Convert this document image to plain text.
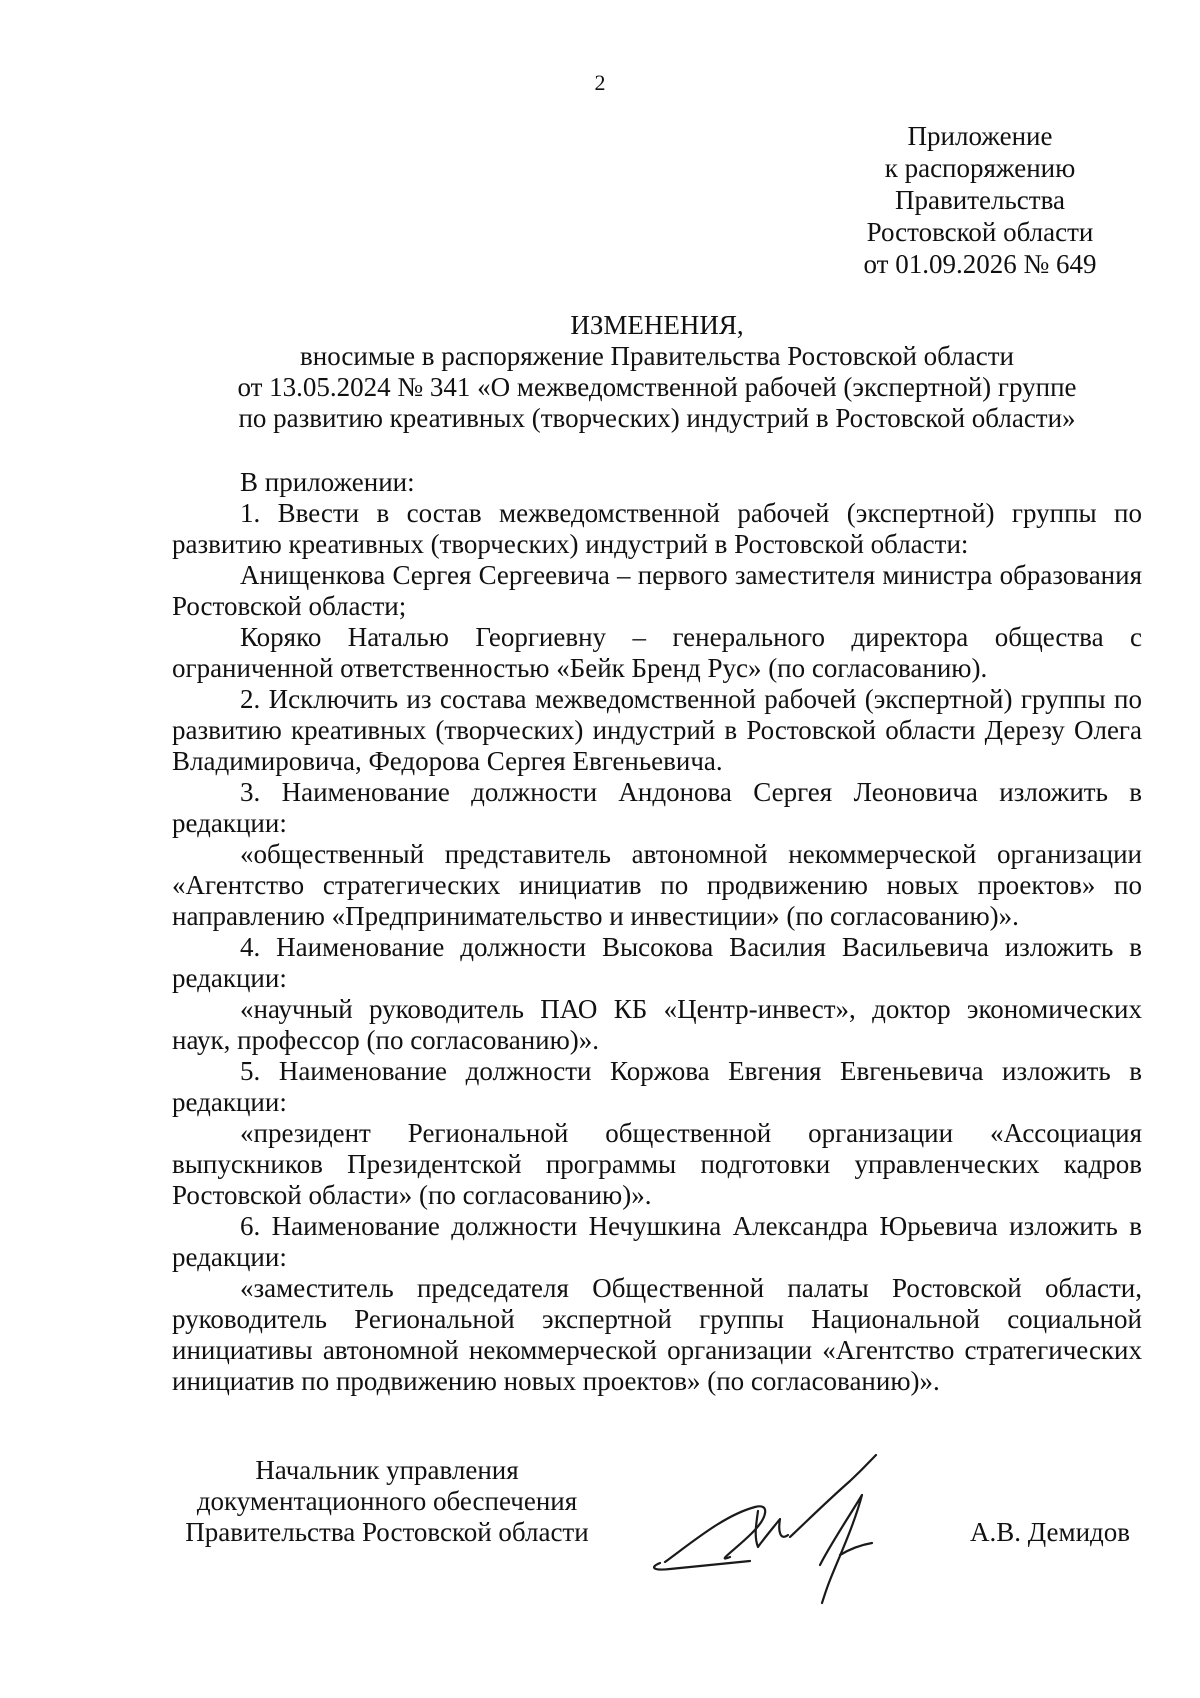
2
Приложение
к распоряжению
Правительства
Ростовской области
от 01.09.2026 № 649
ИЗМЕНЕНИЯ,
вносимые в распоряжение Правительства Ростовской области
от 13.05.2024 № 341 «О межведомственной рабочей (экспертной) группе
по развитию креативных (творческих) индустрий в Ростовской области»

В приложении:

1. Ввести в состав межведомственной рабочей (экспертной) группы по развитию креативных (творческих) индустрий в Ростовской области:

Анищенкова Сергея Сергеевича – первого заместителя министра образования Ростовской области;

Коряко Наталью Георгиевну – генерального директора общества с ограниченной ответственностью «Бейк Бренд Рус» (по согласованию).

2. Исключить из состава межведомственной рабочей (экспертной) группы по развитию креативных (творческих) индустрий в Ростовской области Дерезу Олега Владимировича, Федорова Сергея Евгеньевича.

3. Наименование должности Андонова Сергея Леоновича изложить в редакции:

«общественный представитель автономной некоммерческой организации «Агентство стратегических инициатив по продвижению новых проектов» по направлению «Предпринимательство и инвестиции» (по согласованию)».

4. Наименование должности Высокова Василия Васильевича изложить в редакции:

«научный руководитель ПАО КБ «Центр-инвест», доктор экономических наук, профессор (по согласованию)».

5. Наименование должности Коржова Евгения Евгеньевича изложить в редакции:

«президент Региональной общественной организации «Ассоциация выпускников Президентской программы подготовки управленческих кадров Ростовской области» (по согласованию)».

6. Наименование должности Нечушкина Александра Юрьевича изложить в редакции:

«заместитель председателя Общественной палаты Ростовской области, руководитель Региональной экспертной группы Национальной социальной инициативы автономной некоммерческой организации «Агентство стратегических инициатив по продвижению новых проектов» (по согласованию)».

Начальник управления
документационного обеспечения
Правительства Ростовской области	А.В. Демидов
